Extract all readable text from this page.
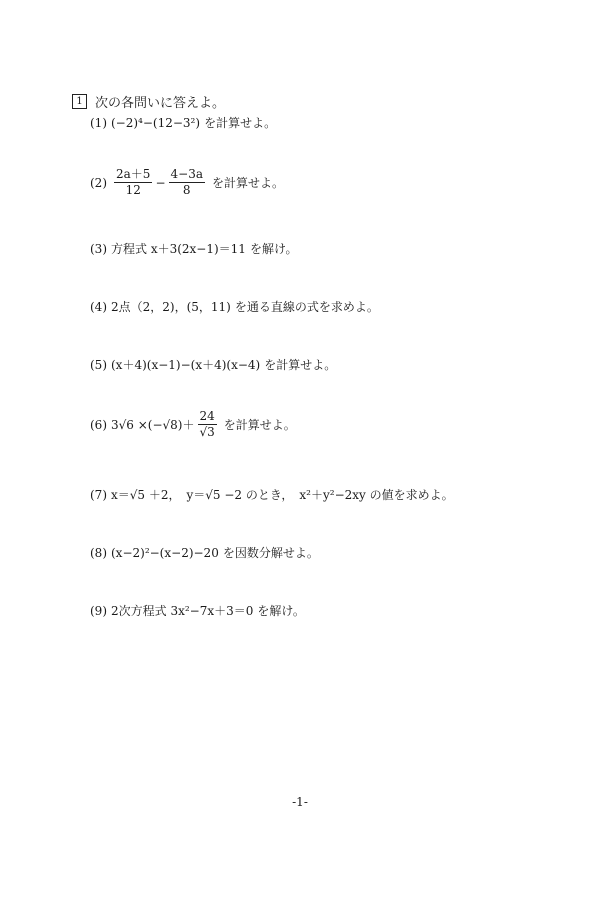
1 次の各問いに答えよ。
(1) (−2)⁴−(12−3²) を計算せよ。
$(2) \frac{2a+5}{12} - \frac{4-3a}{8}$ を計算せよ。
(3) 方程式 x＋3(2x−1)＝11 を解け。
(4) 2点（2，2)，(5，11) を通る直線の式を求めよ。
(5) (x＋4)(x−1)−(x＋4)(x−4) を計算せよ。
(6) $3√6 \times(-√8)+ \frac{24}{√3}$ を計算せよ。
(7) x＝√5 ＋2，　y＝√5 −2 のとき，　x²＋y²−2xy の値を求めよ。
(8) (x−2)²−(x−2)−20 を因数分解せよ。
(9) 2次方程式 3x²−7x＋3＝0 を解け。
-1-
